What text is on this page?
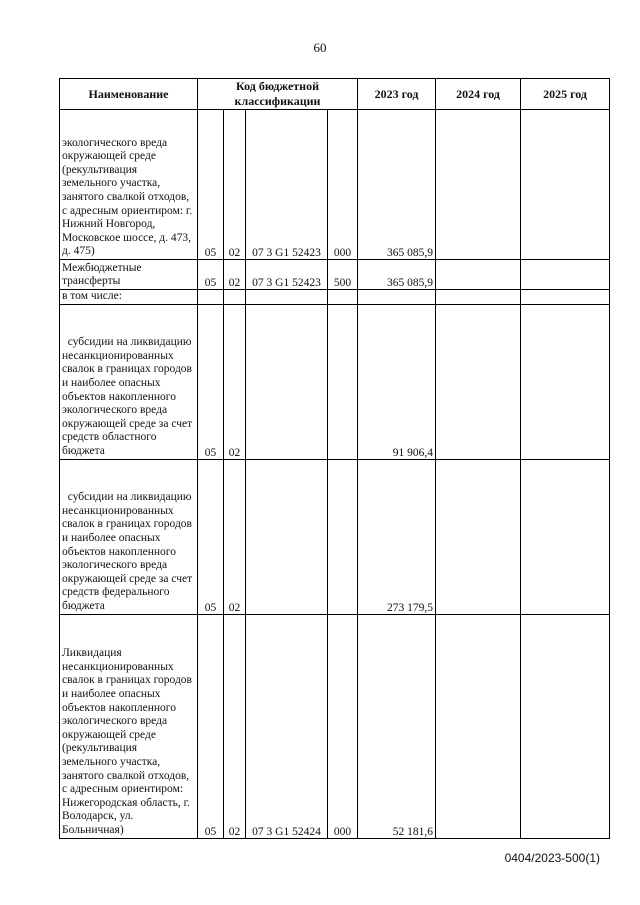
60
Наименование	Код бюджетной классификации				2023 год	2024 год	2025 год
экологического вреда окружающей среде (рекультивация земельного участка, занятого свалкой отходов, с адресным ориентиром: г. Нижний Новгород, Московское шоссе, д. 473, д. 475)	05	02	07 3 G1 52423	000	365 085,9		
Межбюджетные трансферты	05	02	07 3 G1 52423	500	365 085,9		
в том числе:							
субсидии на ликвидацию несанкционированных свалок в границах городов и наиболее опасных объектов накопленного экологического вреда окружающей среде за счет средств областного бюджета	05	02			91 906,4		
субсидии на ликвидацию несанкционированных свалок в границах городов и наиболее опасных объектов накопленного экологического вреда окружающей среде за счет средств федерального бюджета	05	02			273 179,5		
Ликвидация несанкционированных свалок в границах городов и наиболее опасных объектов накопленного экологического вреда окружающей среде (рекультивация земельного участка, занятого свалкой отходов, с адресным ориентиром: Нижегородская область, г. Володарск, ул. Больничная)	05	02	07 3 G1 52424	000	52 181,6		
0404/2023-500(1)
